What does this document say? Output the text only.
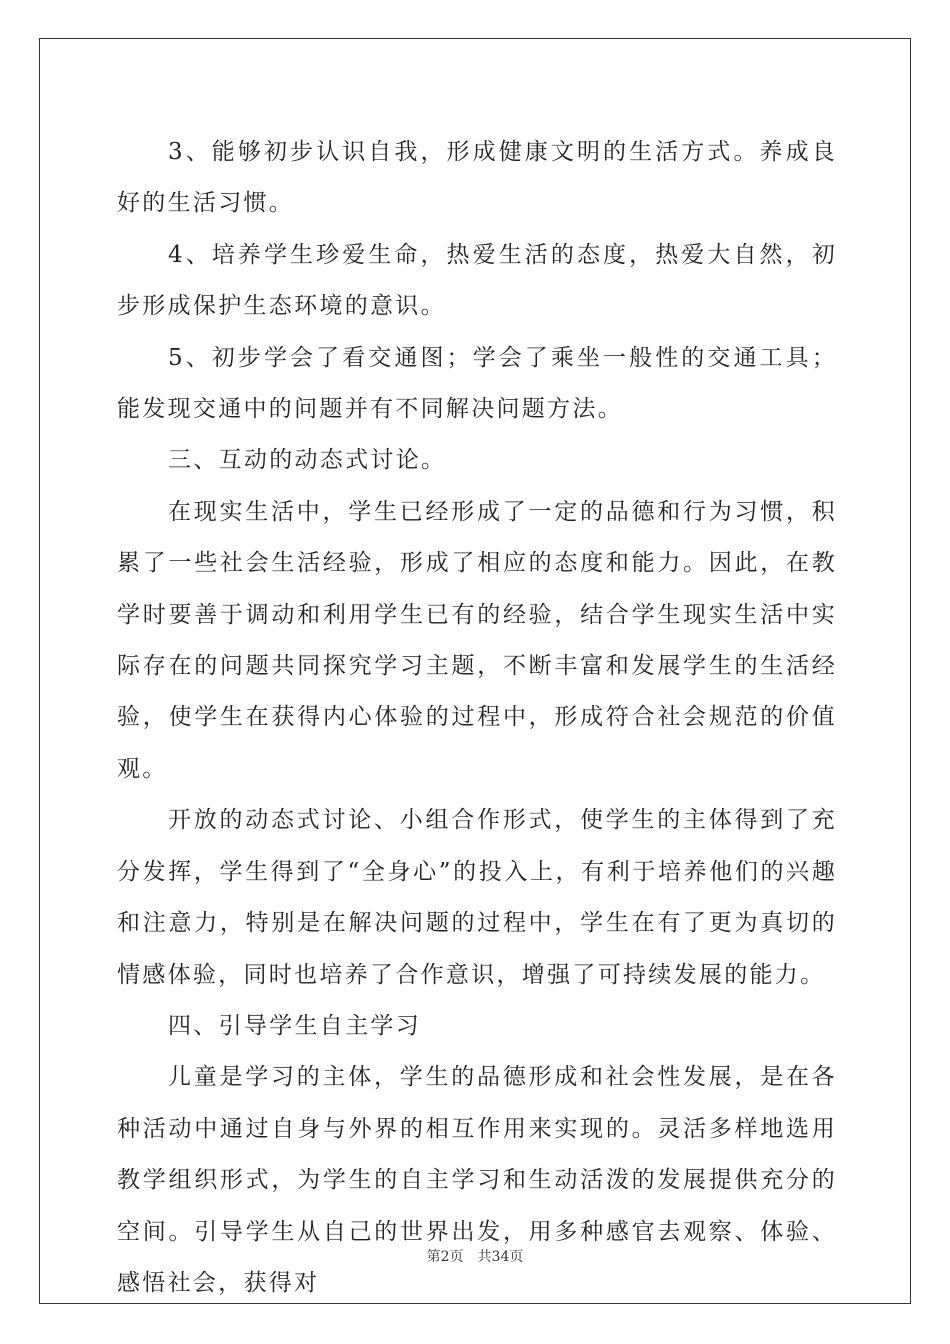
3、能够初步认识自我，形成健康文明的生活方式。养成良好的生活习惯。

4、培养学生珍爱生命，热爱生活的态度，热爱大自然，初步形成保护生态环境的意识。

5、初步学会了看交通图；学会了乘坐一般性的交通工具；能发现交通中的问题并有不同解决问题方法。

三、互动的动态式讨论。

在现实生活中，学生已经形成了一定的品德和行为习惯，积累了一些社会生活经验，形成了相应的态度和能力。因此，在教学时要善于调动和利用学生已有的经验，结合学生现实生活中实际存在的问题共同探究学习主题，不断丰富和发展学生的生活经验，使学生在获得内心体验的过程中，形成符合社会规范的价值观。

开放的动态式讨论、小组合作形式，使学生的主体得到了充分发挥，学生得到了“全身心”的投入上，有利于培养他们的兴趣和注意力，特别是在解决问题的过程中，学生在有了更为真切的情感体验，同时也培养了合作意识，增强了可持续发展的能力。

四、引导学生自主学习

儿童是学习的主体，学生的品德形成和社会性发展，是在各种活动中通过自身与外界的相互作用来实现的。灵活多样地选用教学组织形式，为学生的自主学习和生动活泼的发展提供充分的空间。引导学生从自己的世界出发，用多种感官去观察、体验、感悟社会，获得对

第2页 共34页
